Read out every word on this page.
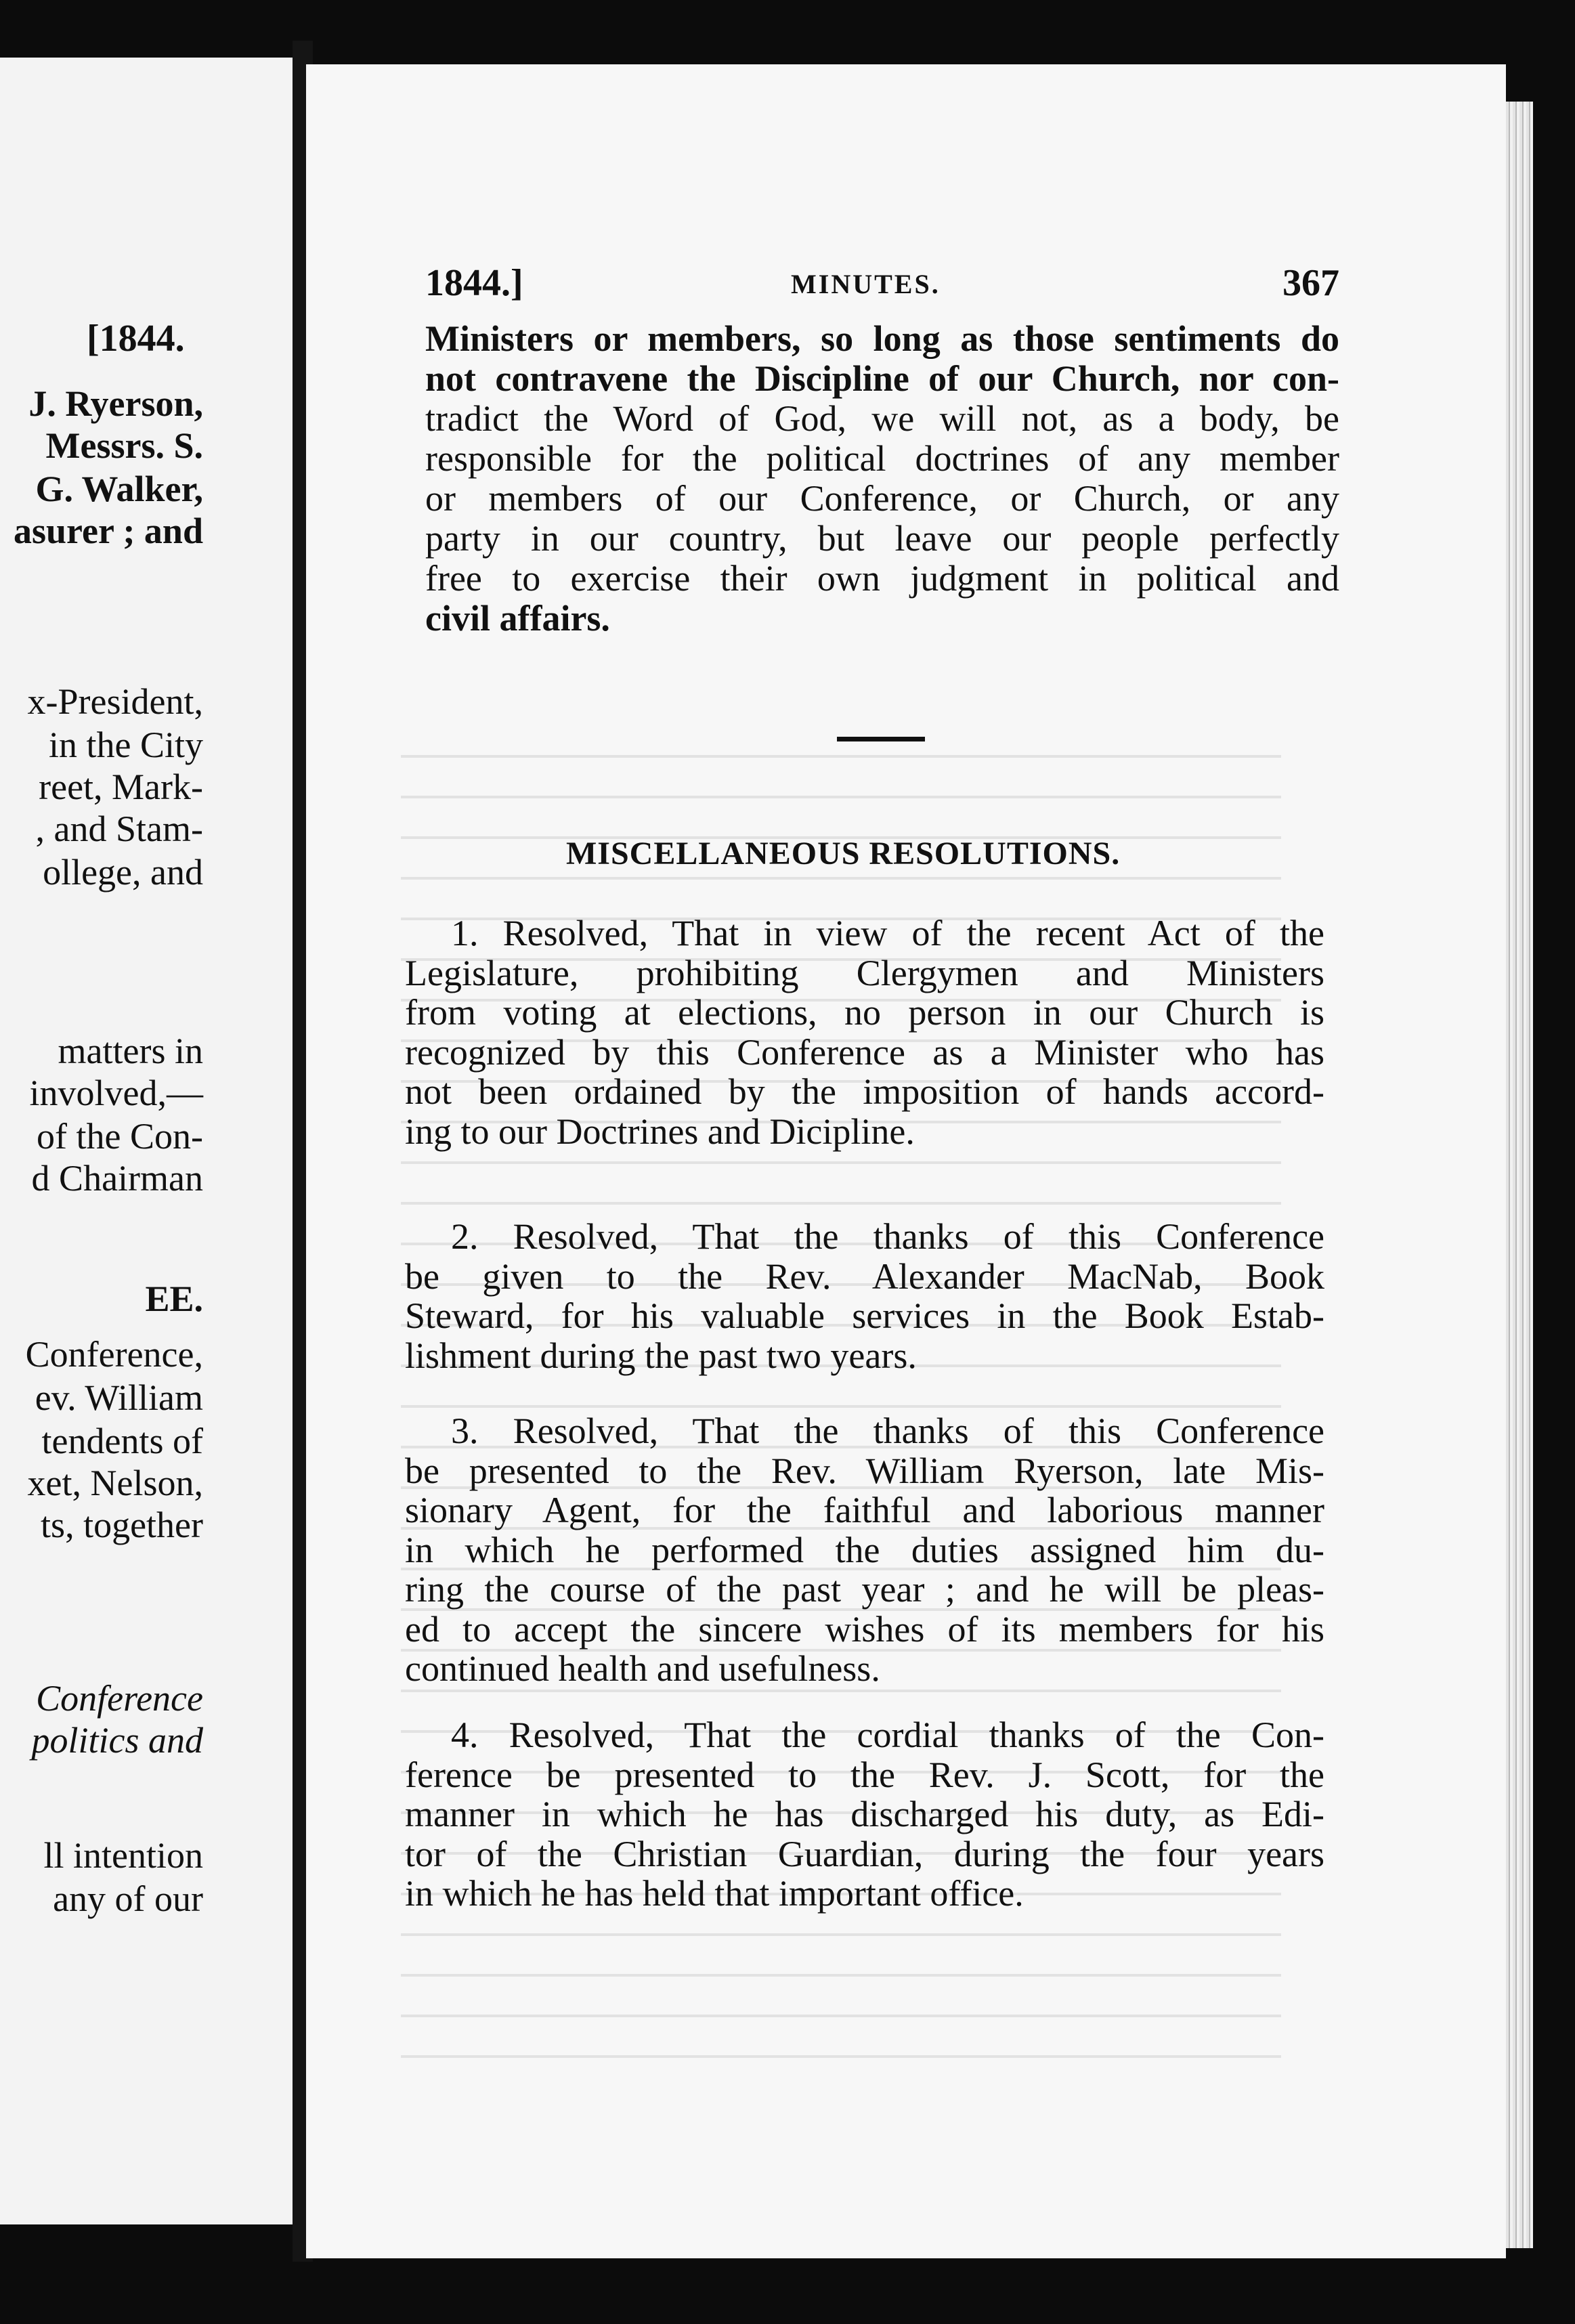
[1844.
J. Ryerson,
Messrs. S.
G. Walker,
asurer ; and
x-President,
in the City
reet, Mark-
, and Stam-
ollege, and
matters in
involved,—
of the Con-
d Chairman
EE.
Conference,
ev. William
tendents of
xet, Nelson,
ts, together
Conference
politics and
ll intention
any of our
1844.]	MINUTES.	367
Ministers or members, so long as those sentiments do
not contravene the Discipline of our Church, nor con-
tradict the Word of God, we will not, as a body, be
responsible for the political doctrines of any member
or members of our Conference, or Church, or any
party in our country, but leave our people perfectly
free to exercise their own judgment in political and
civil affairs.
MISCELLANEOUS RESOLUTIONS.
1. Resolved, That in view of the recent Act of the
Legislature, prohibiting Clergymen and Ministers
from voting at elections, no person in our Church is
recognized by this Conference as a Minister who has
not been ordained by the imposition of hands accord-
ing to our Doctrines and Dicipline.
2. Resolved, That the thanks of this Conference
be given to the Rev. Alexander MacNab, Book
Steward, for his valuable services in the Book Estab-
lishment during the past two years.
3. Resolved, That the thanks of this Conference
be presented to the Rev. William Ryerson, late Mis-
sionary Agent, for the faithful and laborious manner
in which he performed the duties assigned him du-
ring the course of the past year ; and he will be pleas-
ed to accept the sincere wishes of its members for his
continued health and usefulness.
4. Resolved, That the cordial thanks of the Con-
ference be presented to the Rev. J. Scott, for the
manner in which he has discharged his duty, as Edi-
tor of the Christian Guardian, during the four years
in which he has held that important office.
